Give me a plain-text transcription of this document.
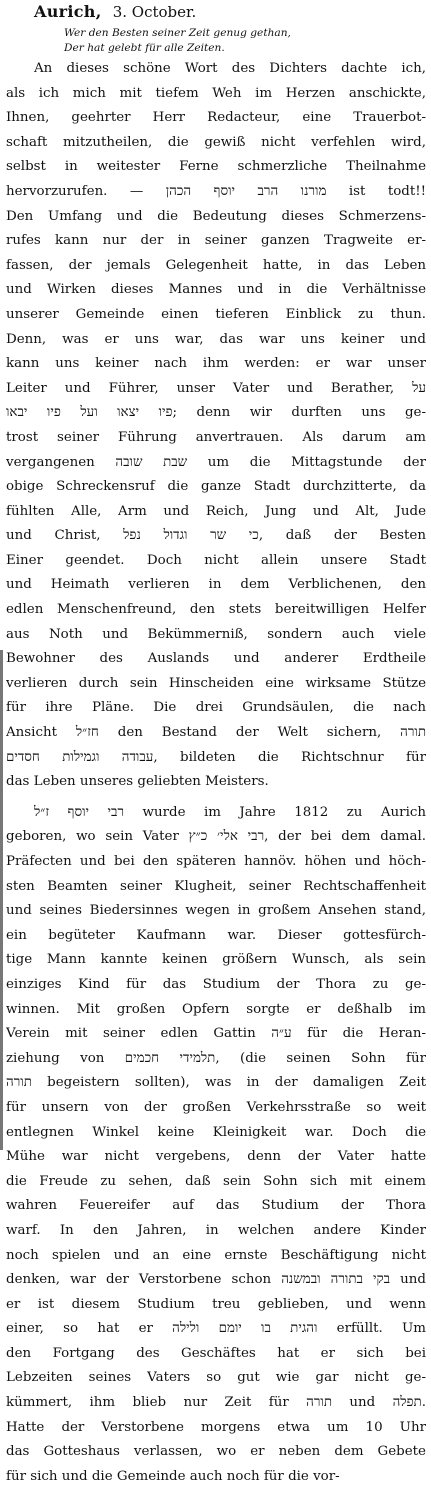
Aurich, 3. October.
Wer den Besten seiner Zeit genug gethan,
Der hat gelebt für alle Zeiten.
An dieses schöne Wort des Dichters dachte ich,
als ich mich mit tiefem Weh im Herzen anschickte,
Ihnen, geehrter Herr Redacteur, eine Trauerbot-
schaft mitzutheilen, die gewiß nicht verfehlen wird,
selbst in weitester Ferne schmerzliche Theilnahme
hervorzurufen. — מורנו הרב יוסף הכהן ist todt!!
Den Umfang und die Bedeutung dieses Schmerzens-
rufes kann nur der in seiner ganzen Tragweite er-
fassen, der jemals Gelegenheit hatte, in das Leben
und Wirken dieses Mannes und in die Verhältnisse
unserer Gemeinde einen tieferen Einblick zu thun.
Denn, was er uns war, das war uns keiner und
kann uns keiner nach ihm werden: er war unser
Leiter und Führer, unser Vater und Berather, על
פיו יצאו ועל פיו יבאו; denn wir durften uns ge-
trost seiner Führung anvertrauen. Als darum am
vergangenen שבת שובה um die Mittagstunde der
obige Schreckensruf die ganze Stadt durchzitterte, da
fühlten Alle, Arm und Reich, Jung und Alt, Jude
und Christ, כי שר וגדול נפל, daß der Besten
Einer geendet. Doch nicht allein unsere Stadt
und Heimath verlieren in dem Verblichenen, den
edlen Menschenfreund, den stets bereitwilligen Helfer
aus Noth und Bekümmerniß, sondern auch viele
Bewohner des Auslands und anderer Erdtheile
verlieren durch sein Hinscheiden eine wirksame Stütze
für ihre Pläne. Die drei Grundsäulen, die nach
Ansicht חז״ל den Bestand der Welt sichern, תורה
עבודה וגמילות חסדים, bildeten die Richtschnur für
das Leben unseres geliebten Meisters.
רבי יוסף ז״ל wurde im Jahre 1812 zu Aurich
geboren, wo sein Vater רבי אלי׳ כ״ץ, der bei dem damal.
Präfecten und bei den späteren hannöv. höhen und höch-
sten Beamten seiner Klugheit, seiner Rechtschaffenheit
und seines Biedersinnes wegen in großem Ansehen stand,
ein begüteter Kaufmann war. Dieser gottesfürch-
tige Mann kannte keinen größern Wunsch, als sein
einziges Kind für das Studium der Thora zu ge-
winnen. Mit großen Opfern sorgte er deßhalb im
Verein mit seiner edlen Gattin ע״ה für die Heran-
ziehung von תלמידי חכמים, (die seinen Sohn für
תורה begeistern sollten), was in der damaligen Zeit
für unsern von der großen Verkehrsstraße so weit
entlegnen Winkel keine Kleinigkeit war. Doch die
Mühe war nicht vergebens, denn der Vater hatte
die Freude zu sehen, daß sein Sohn sich mit einem
wahren Feuereifer auf das Studium der Thora
warf. In den Jahren, in welchen andere Kinder
noch spielen und an eine ernste Beschäftigung nicht
denken, war der Verstorbene schon בקי בתורה ובמשנה und
er ist diesem Studium treu geblieben, und wenn
einer, so hat er והגית בו יומם ולילה erfüllt. Um
den Fortgang des Geschäftes hat er sich bei
Lebzeiten seines Vaters so gut wie gar nicht ge-
kümmert, ihm blieb nur Zeit für תורה und תפלה.
Hatte der Verstorbene morgens etwa um 10 Uhr
das Gotteshaus verlassen, wo er neben dem Gebete
für sich und die Gemeinde auch noch für die vor-
